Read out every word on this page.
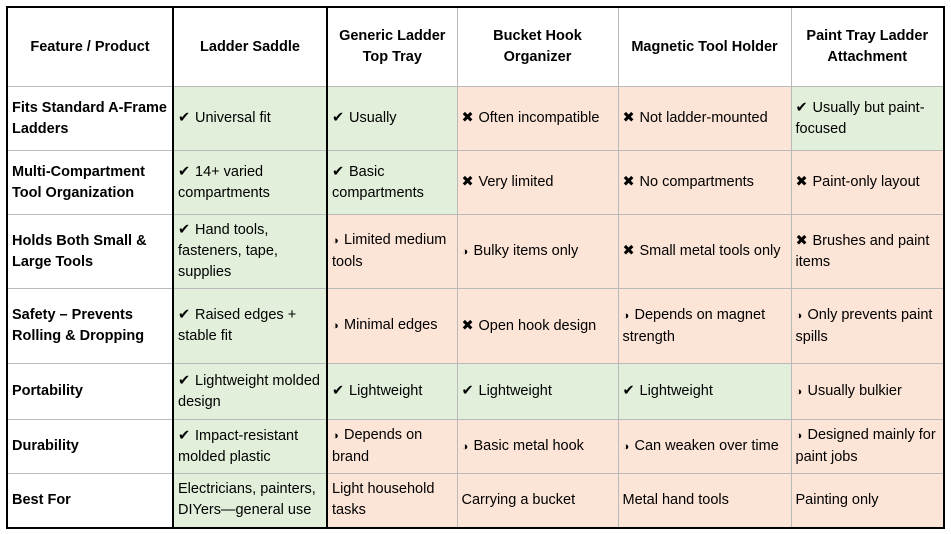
Feature / Product	Ladder Saddle	Generic Ladder Top Tray	Bucket Hook Organizer	Magnetic Tool Holder	Paint Tray Ladder Attachment
Fits Standard A-Frame Ladders	✔ Universal fit	✔ Usually	✖ Often incompatible	✖ Not ladder-mounted	✔ Usually but paint-focused
Multi-Compartment Tool Organization	✔ 14+ varied compartments	✔ Basic compartments	✖ Very limited	✖ No compartments	✖ Paint-only layout
Holds Both Small & Large Tools	✔ Hand tools, fasteners, tape, supplies	◑ Limited medium tools	◑ Bulky items only	✖ Small metal tools only	✖ Brushes and paint items
Safety – Prevents Rolling & Dropping	✔ Raised edges + stable fit	◑ Minimal edges	✖ Open hook design	◑ Depends on magnet strength	◑ Only prevents paint spills
Portability	✔ Lightweight molded design	✔ Lightweight	✔ Lightweight	✔ Lightweight	◑ Usually bulkier
Durability	✔ Impact-resistant molded plastic	◑ Depends on brand	◑ Basic metal hook	◑ Can weaken over time	◑ Designed mainly for paint jobs
Best For	Electricians, painters, DIYers—general use	Light household tasks	Carrying a bucket	Metal hand tools	Painting only
